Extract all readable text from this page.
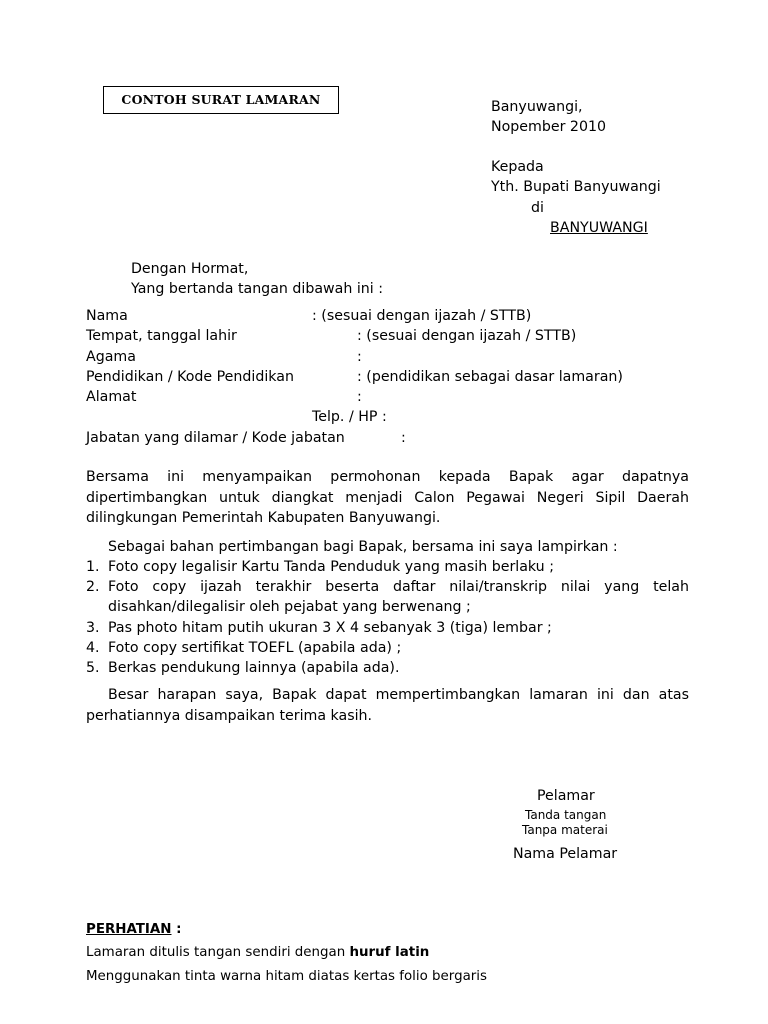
CONTOH SURAT LAMARAN	Banyuwangi,
Nopember 2010
Kepada
Yth. Bupati Banyuwangi
di
BANYUWANGI
Dengan Hormat,
Yang bertanda tangan dibawah ini :
Nama	: (sesuai dengan ijazah / STTB)
Tempat, tanggal lahir	: (sesuai dengan ijazah / STTB)
Agama	:
Pendidikan / Kode Pendidikan	: (pendidikan sebagai dasar lamaran)
Alamat	:
Telp. / HP :
Jabatan yang dilamar / Kode jabatan	:
Bersama ini menyampaikan permohonan kepada Bapak agar dapatnya dipertimbangkan untuk diangkat menjadi Calon Pegawai Negeri Sipil Daerah dilingkungan Pemerintah Kabupaten Banyuwangi.
Sebagai bahan pertimbangan bagi Bapak, bersama ini saya lampirkan :
1. Foto copy legalisir Kartu Tanda Penduduk yang masih berlaku ;
2. Foto copy ijazah terakhir beserta daftar nilai/transkrip nilai yang telah disahkan/dilegalisir oleh pejabat yang berwenang ;
3. Pas photo hitam putih ukuran 3 X 4 sebanyak 3 (tiga) lembar ;
4. Foto copy sertifikat TOEFL (apabila ada) ;
5. Berkas pendukung lainnya (apabila ada).
Besar harapan saya, Bapak dapat mempertimbangkan lamaran ini dan atas perhatiannya disampaikan terima kasih.
Pelamar
Tanda tangan
Tanpa materai
Nama Pelamar
PERHATIAN :
Lamaran ditulis tangan sendiri dengan huruf latin
Menggunakan tinta warna hitam diatas kertas folio bergaris
